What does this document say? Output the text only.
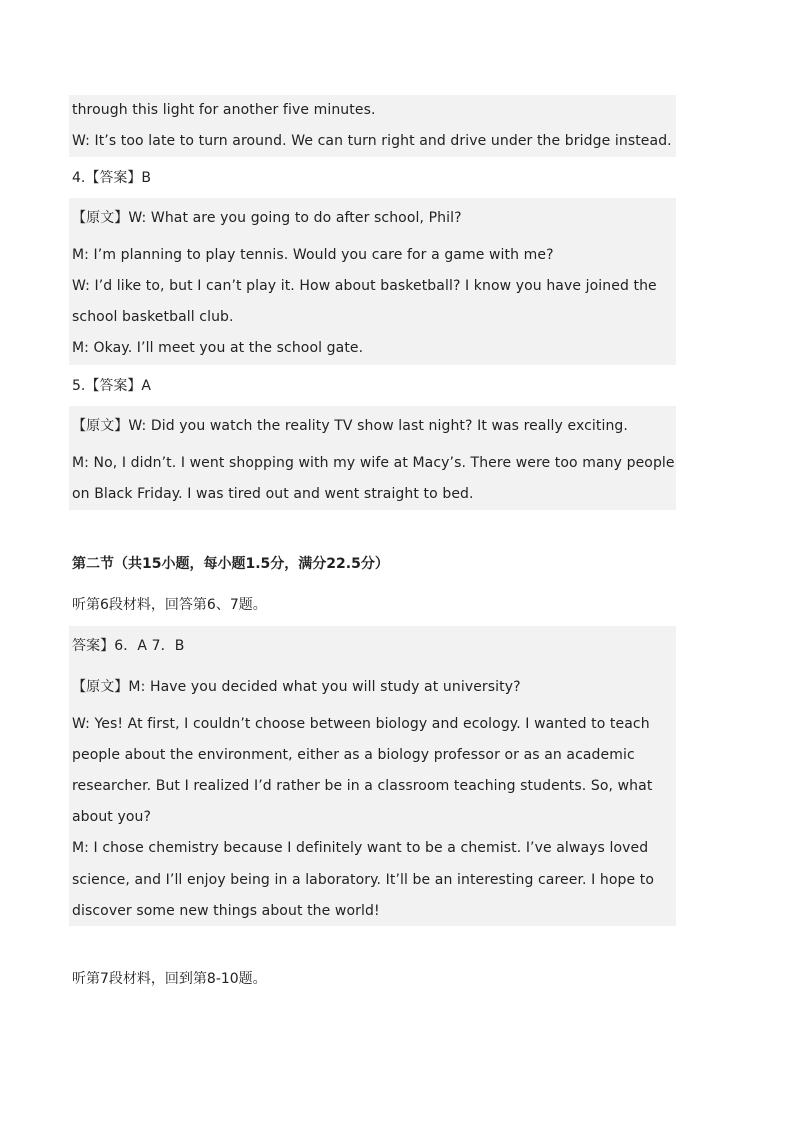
through this light for another five minutes.
W: It’s too late to turn around. We can turn right and drive under the bridge instead.
4.【答案】B
【原文】W: What are you going to do after school, Phil?
M: I’m planning to play tennis. Would you care for a game with me?
W: I’d like to, but I can’t play it. How about basketball? I know you have joined the
school basketball club.
M: Okay. I’ll meet you at the school gate.
5.【答案】A
【原文】W: Did you watch the reality TV show last night? It was really exciting.
M: No, I didn’t. I went shopping with my wife at Macy’s. There were too many people
on Black Friday. I was tired out and went straight to bed.
第二节（共15小题，每小题1.5分，满分22.5分）
听第6段材料，回答第6、7题。
答案】6．A 7．B
【原文】M: Have you decided what you will study at university?
W: Yes! At first, I couldn’t choose between biology and ecology. I wanted to teach
people about the environment, either as a biology professor or as an academic
researcher. But I realized I’d rather be in a classroom teaching students. So, what
about you?
M: I chose chemistry because I definitely want to be a chemist. I’ve always loved
science, and I’ll enjoy being in a laboratory. It’ll be an interesting career. I hope to
discover some new things about the world!
听第7段材料，回到第8-10题。
